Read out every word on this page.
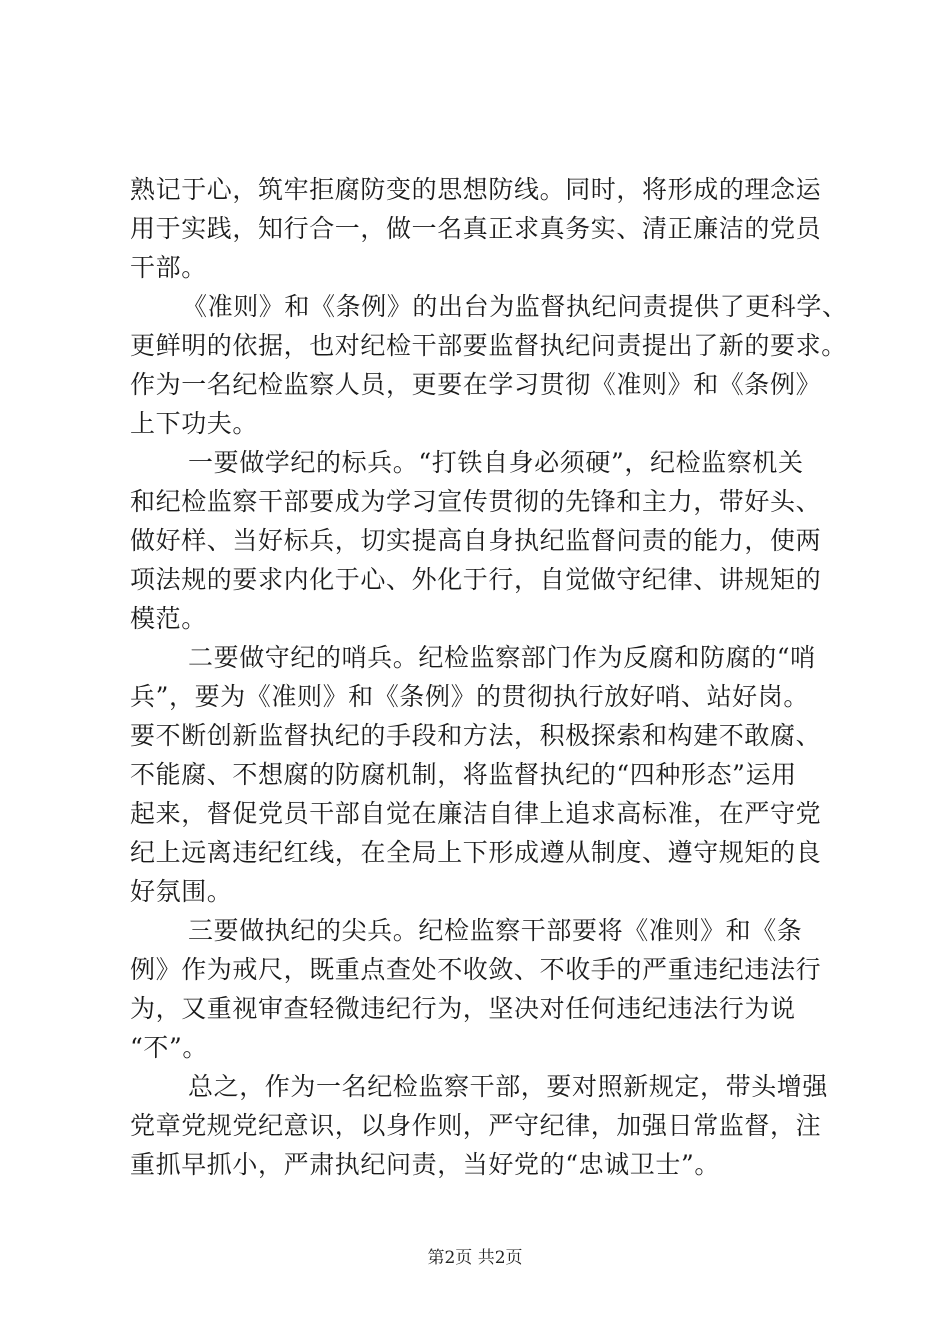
熟记于心，筑牢拒腐防变的思想防线。同时，将形成的理念运
用于实践，知行合一，做一名真正求真务实、清正廉洁的党员
干部。
《准则》和《条例》的出台为监督执纪问责提供了更科学、
更鲜明的依据，也对纪检干部要监督执纪问责提出了新的要求。
作为一名纪检监察人员，更要在学习贯彻《准则》和《条例》
上下功夫。
一要做学纪的标兵。“打铁自身必须硬”，纪检监察机关
和纪检监察干部要成为学习宣传贯彻的先锋和主力，带好头、
做好样、当好标兵，切实提高自身执纪监督问责的能力，使两
项法规的要求内化于心、外化于行，自觉做守纪律、讲规矩的
模范。
二要做守纪的哨兵。纪检监察部门作为反腐和防腐的“哨
兵”，要为《准则》和《条例》的贯彻执行放好哨、站好岗。
要不断创新监督执纪的手段和方法，积极探索和构建不敢腐、
不能腐、不想腐的防腐机制，将监督执纪的“四种形态”运用
起来，督促党员干部自觉在廉洁自律上追求高标准，在严守党
纪上远离违纪红线，在全局上下形成遵从制度、遵守规矩的良
好氛围。
三要做执纪的尖兵。纪检监察干部要将《准则》和《条
例》作为戒尺，既重点查处不收敛、不收手的严重违纪违法行
为，又重视审查轻微违纪行为，坚决对任何违纪违法行为说
“不”。
总之，作为一名纪检监察干部，要对照新规定，带头增强
党章党规党纪意识，以身作则，严守纪律，加强日常监督，注
重抓早抓小，严肃执纪问责，当好党的“忠诚卫士”。
第2页 共2页
